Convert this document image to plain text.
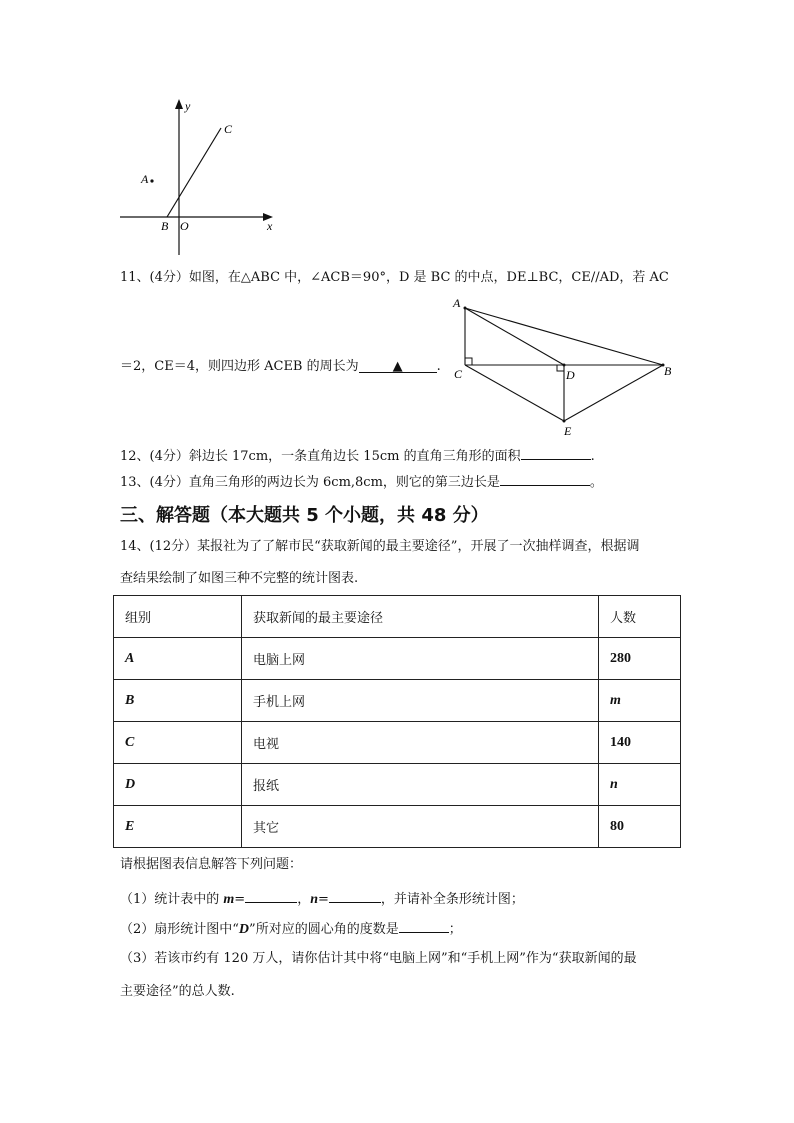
y
C
A
B O	x
11、(4分）如图，在△ABC 中，∠ACB＝90°，D 是 BC 的中点，DE⊥BC，CE//AD，若 AC
＝2，CE＝4，则四边形 ACEB 的周长为	▲	.
A
C	D	B
E
12、(4分）斜边长 17cm，一条直角边长 15cm 的直角三角形的面积	.
13、(4分）直角三角形的两边长为 6cm,8cm，则它的第三边长是	。
三、解答题（本大题共 5 个小题，共 48 分）
14、(12分）某报社为了了解市民“获取新闻的最主要途径”，开展了一次抽样调查，根据调
查结果绘制了如图三种不完整的统计图表.
组别	获取新闻的最主要途径	人数
A	电脑上网	280
B	手机上网	m
C	电视	140
D	报纸	n
E	其它	80
请根据图表信息解答下列问题：
（1）统计表中的 m=	，n=	，并请补全条形统计图；
（2）扇形统计图中“D”所对应的圆心角的度数是	；
（3）若该市约有 120 万人，请你估计其中将“电脑上网”和“手机上网”作为“获取新闻的最
主要途径”的总人数.
